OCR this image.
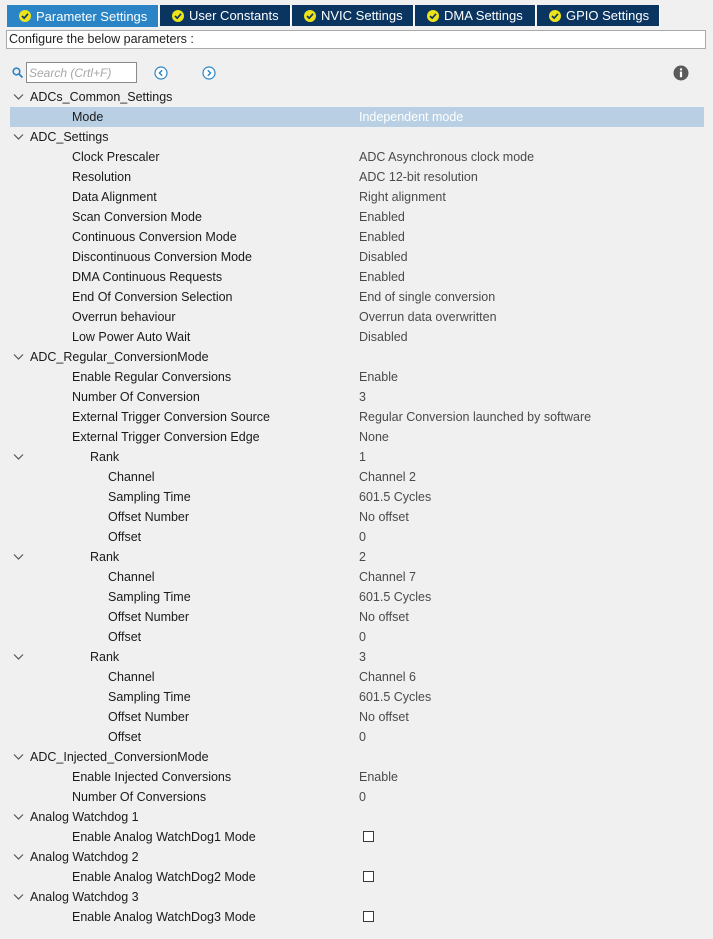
Parameter Settings	User Constants	NVIC Settings	DMA Settings	GPIO Settings
Configure the below parameters :
Search (Crtl+F)
ADCs_Common_Settings
Mode	Independent mode
ADC_Settings
Clock Prescaler	ADC Asynchronous clock mode
Resolution	ADC 12-bit resolution
Data Alignment	Right alignment
Scan Conversion Mode	Enabled
Continuous Conversion Mode	Enabled
Discontinuous Conversion Mode	Disabled
DMA Continuous Requests	Enabled
End Of Conversion Selection	End of single conversion
Overrun behaviour	Overrun data overwritten
Low Power Auto Wait	Disabled
ADC_Regular_ConversionMode
Enable Regular Conversions	Enable
Number Of Conversion	3
External Trigger Conversion Source	Regular Conversion launched by software
External Trigger Conversion Edge	None
Rank	1
Channel	Channel 2
Sampling Time	601.5 Cycles
Offset Number	No offset
Offset	0
Rank	2
Channel	Channel 7
Sampling Time	601.5 Cycles
Offset Number	No offset
Offset	0
Rank	3
Channel	Channel 6
Sampling Time	601.5 Cycles
Offset Number	No offset
Offset	0
ADC_Injected_ConversionMode
Enable Injected Conversions	Enable
Number Of Conversions	0
Analog Watchdog 1
Enable Analog WatchDog1 Mode
Analog Watchdog 2
Enable Analog WatchDog2 Mode
Analog Watchdog 3
Enable Analog WatchDog3 Mode
